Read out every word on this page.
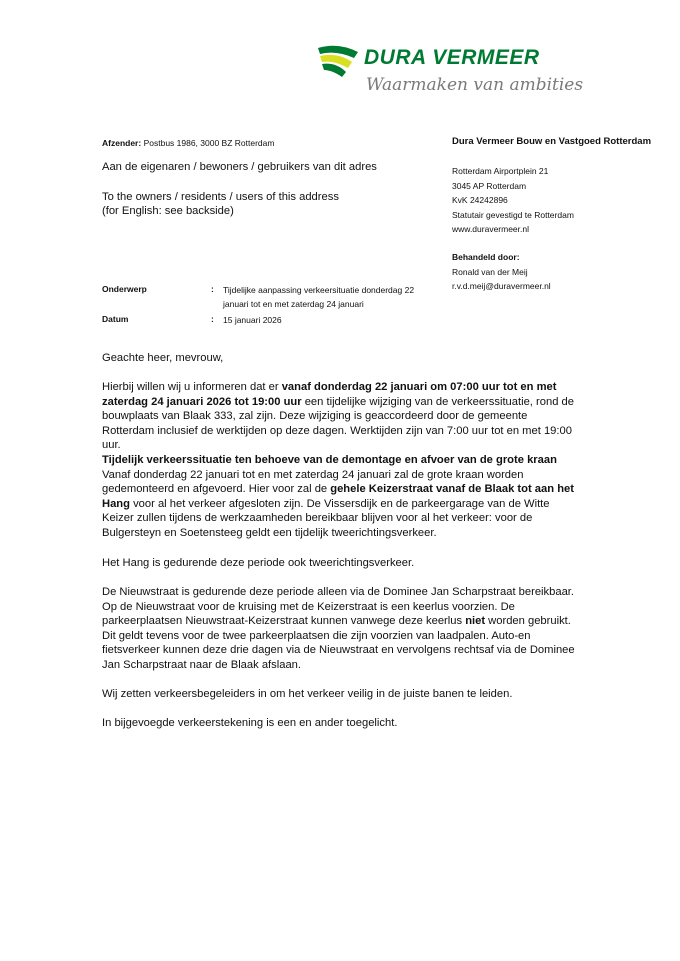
DURA VERMEER
Waarmaken van ambities
Afzender: Postbus 1986, 3000 BZ Rotterdam
Aan de eigenaren / bewoners / gebruikers van dit adres
To the owners / residents / users of this address
(for English: see backside)
Dura Vermeer Bouw en Vastgoed Rotterdam
Rotterdam Airportplein 21
3045 AP Rotterdam
KvK 24242896
Statutair gevestigd te Rotterdam
www.duravermeer.nl
Behandeld door:
Ronald van der Meij
r.v.d.meij@duravermeer.nl
Onderwerp	: Tijdelijke aanpassing verkeersituatie donderdag 22
januari tot en met zaterdag 24 januari
Datum	: 15 januari 2026
Geachte heer, mevrouw,

Hierbij willen wij u informeren dat er vanaf donderdag 22 januari om 07:00 uur tot en met zaterdag 24 januari 2026 tot 19:00 uur een tijdelijke wijziging van de verkeerssituatie, rond de bouwplaats van Blaak 333, zal zijn. Deze wijziging is geaccordeerd door de gemeente Rotterdam inclusief de werktijden op deze dagen. Werktijden zijn van 7:00 uur tot en met 19:00 uur.

Tijdelijk verkeerssituatie ten behoeve van de demontage en afvoer van de grote kraan
Vanaf donderdag 22 januari tot en met zaterdag 24 januari zal de grote kraan worden gedemonteerd en afgevoerd. Hier voor zal de gehele Keizerstraat vanaf de Blaak tot aan het Hang voor al het verkeer afgesloten zijn. De Vissersdijk en de parkeergarage van de Witte Keizer zullen tijdens de werkzaamheden bereikbaar blijven voor al het verkeer: voor de Bulgersteyn en Soetensteeg geldt een tijdelijk tweerichtingsverkeer.

Het Hang is gedurende deze periode ook tweerichtingsverkeer.

De Nieuwstraat is gedurende deze periode alleen via de Dominee Jan Scharpstraat bereikbaar. Op de Nieuwstraat voor de kruising met de Keizerstraat is een keerlus voorzien. De parkeerplaatsen Nieuwstraat-Keizerstraat kunnen vanwege deze keerlus niet worden gebruikt. Dit geldt tevens voor de twee parkeerplaatsen die zijn voorzien van laadpalen. Auto-en fietsverkeer kunnen deze drie dagen via de Nieuwstraat en vervolgens rechtsaf via de Dominee Jan Scharpstraat naar de Blaak afslaan.

Wij zetten verkeersbegeleiders in om het verkeer veilig in de juiste banen te leiden.

In bijgevoegde verkeerstekening is een en ander toegelicht.
